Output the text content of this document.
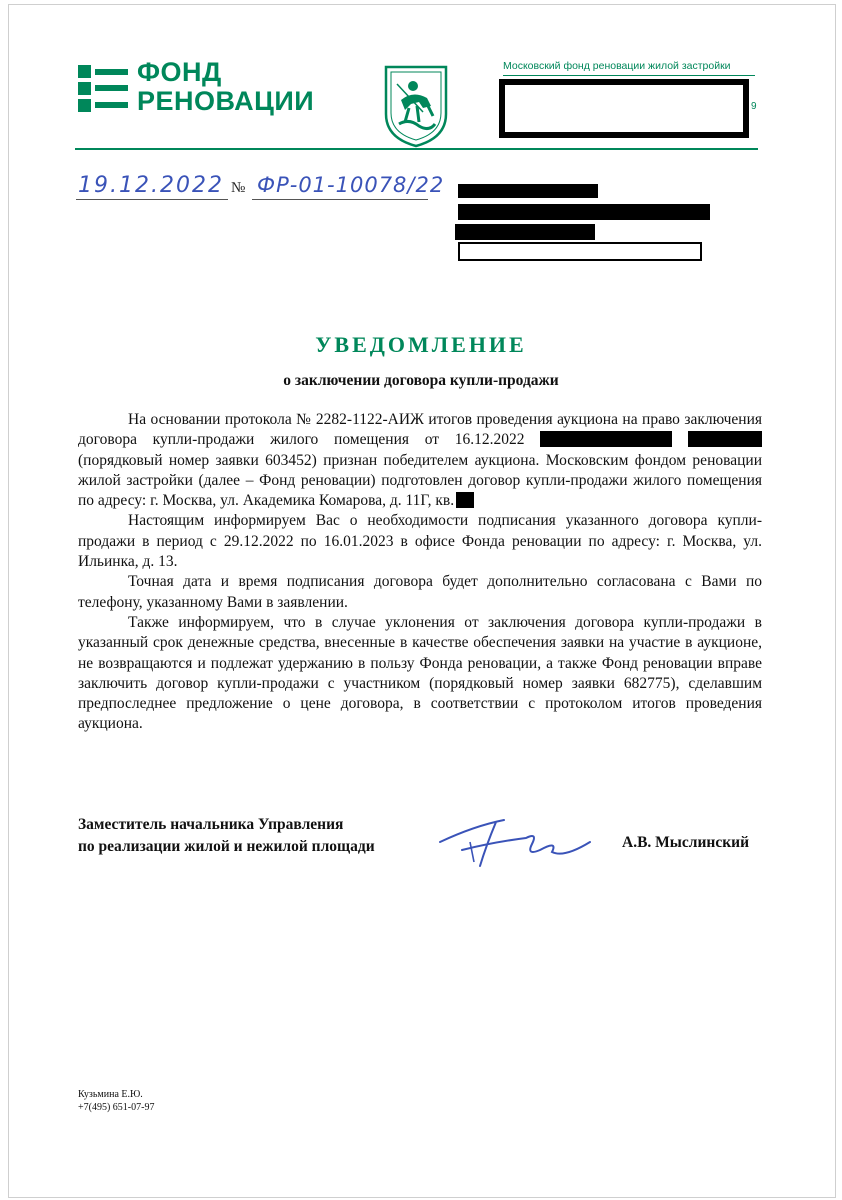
ФОНД
РЕНОВАЦИИ
Московский фонд реновации жилой застройки
9
19.12.2022 № ФР-01-10078/22
УВЕДОМЛЕНИЕ
о заключении договора купли-продажи

На основании протокола № 2282-1122-АИЖ итогов проведения аукциона на право заключения договора купли-продажи жилого помещения от 16.12.2022  (порядковый номер заявки 603452) признан победителем аукциона. Московским фондом реновации жилой застройки (далее – Фонд реновации) подготовлен договор купли-продажи жилого помещения по адресу: г. Москва, ул. Академика Комарова, д. 11Г, кв.

Настоящим информируем Вас о необходимости подписания указанного договора купли-продажи в период с 29.12.2022 по 16.01.2023 в офисе Фонда реновации по адресу: г. Москва, ул. Ильинка, д. 13.

Точная дата и время подписания договора будет дополнительно согласована с Вами по телефону, указанному Вами в заявлении.

Также информируем, что в случае уклонения от заключения договора купли-продажи в указанный срок денежные средства, внесенные в качестве обеспечения заявки на участие в аукционе, не возвращаются и подлежат удержанию в пользу Фонда реновации, а также Фонд реновации вправе заключить договор купли-продажи с участником (порядковый номер заявки 682775), сделавшим предпоследнее предложение о цене договора, в соответствии с протоколом итогов проведения аукциона.

Заместитель начальника Управления
по реализации жилой и нежилой площади	А.В. Мыслинский
Кузьмина Е.Ю.
+7(495) 651-07-97
